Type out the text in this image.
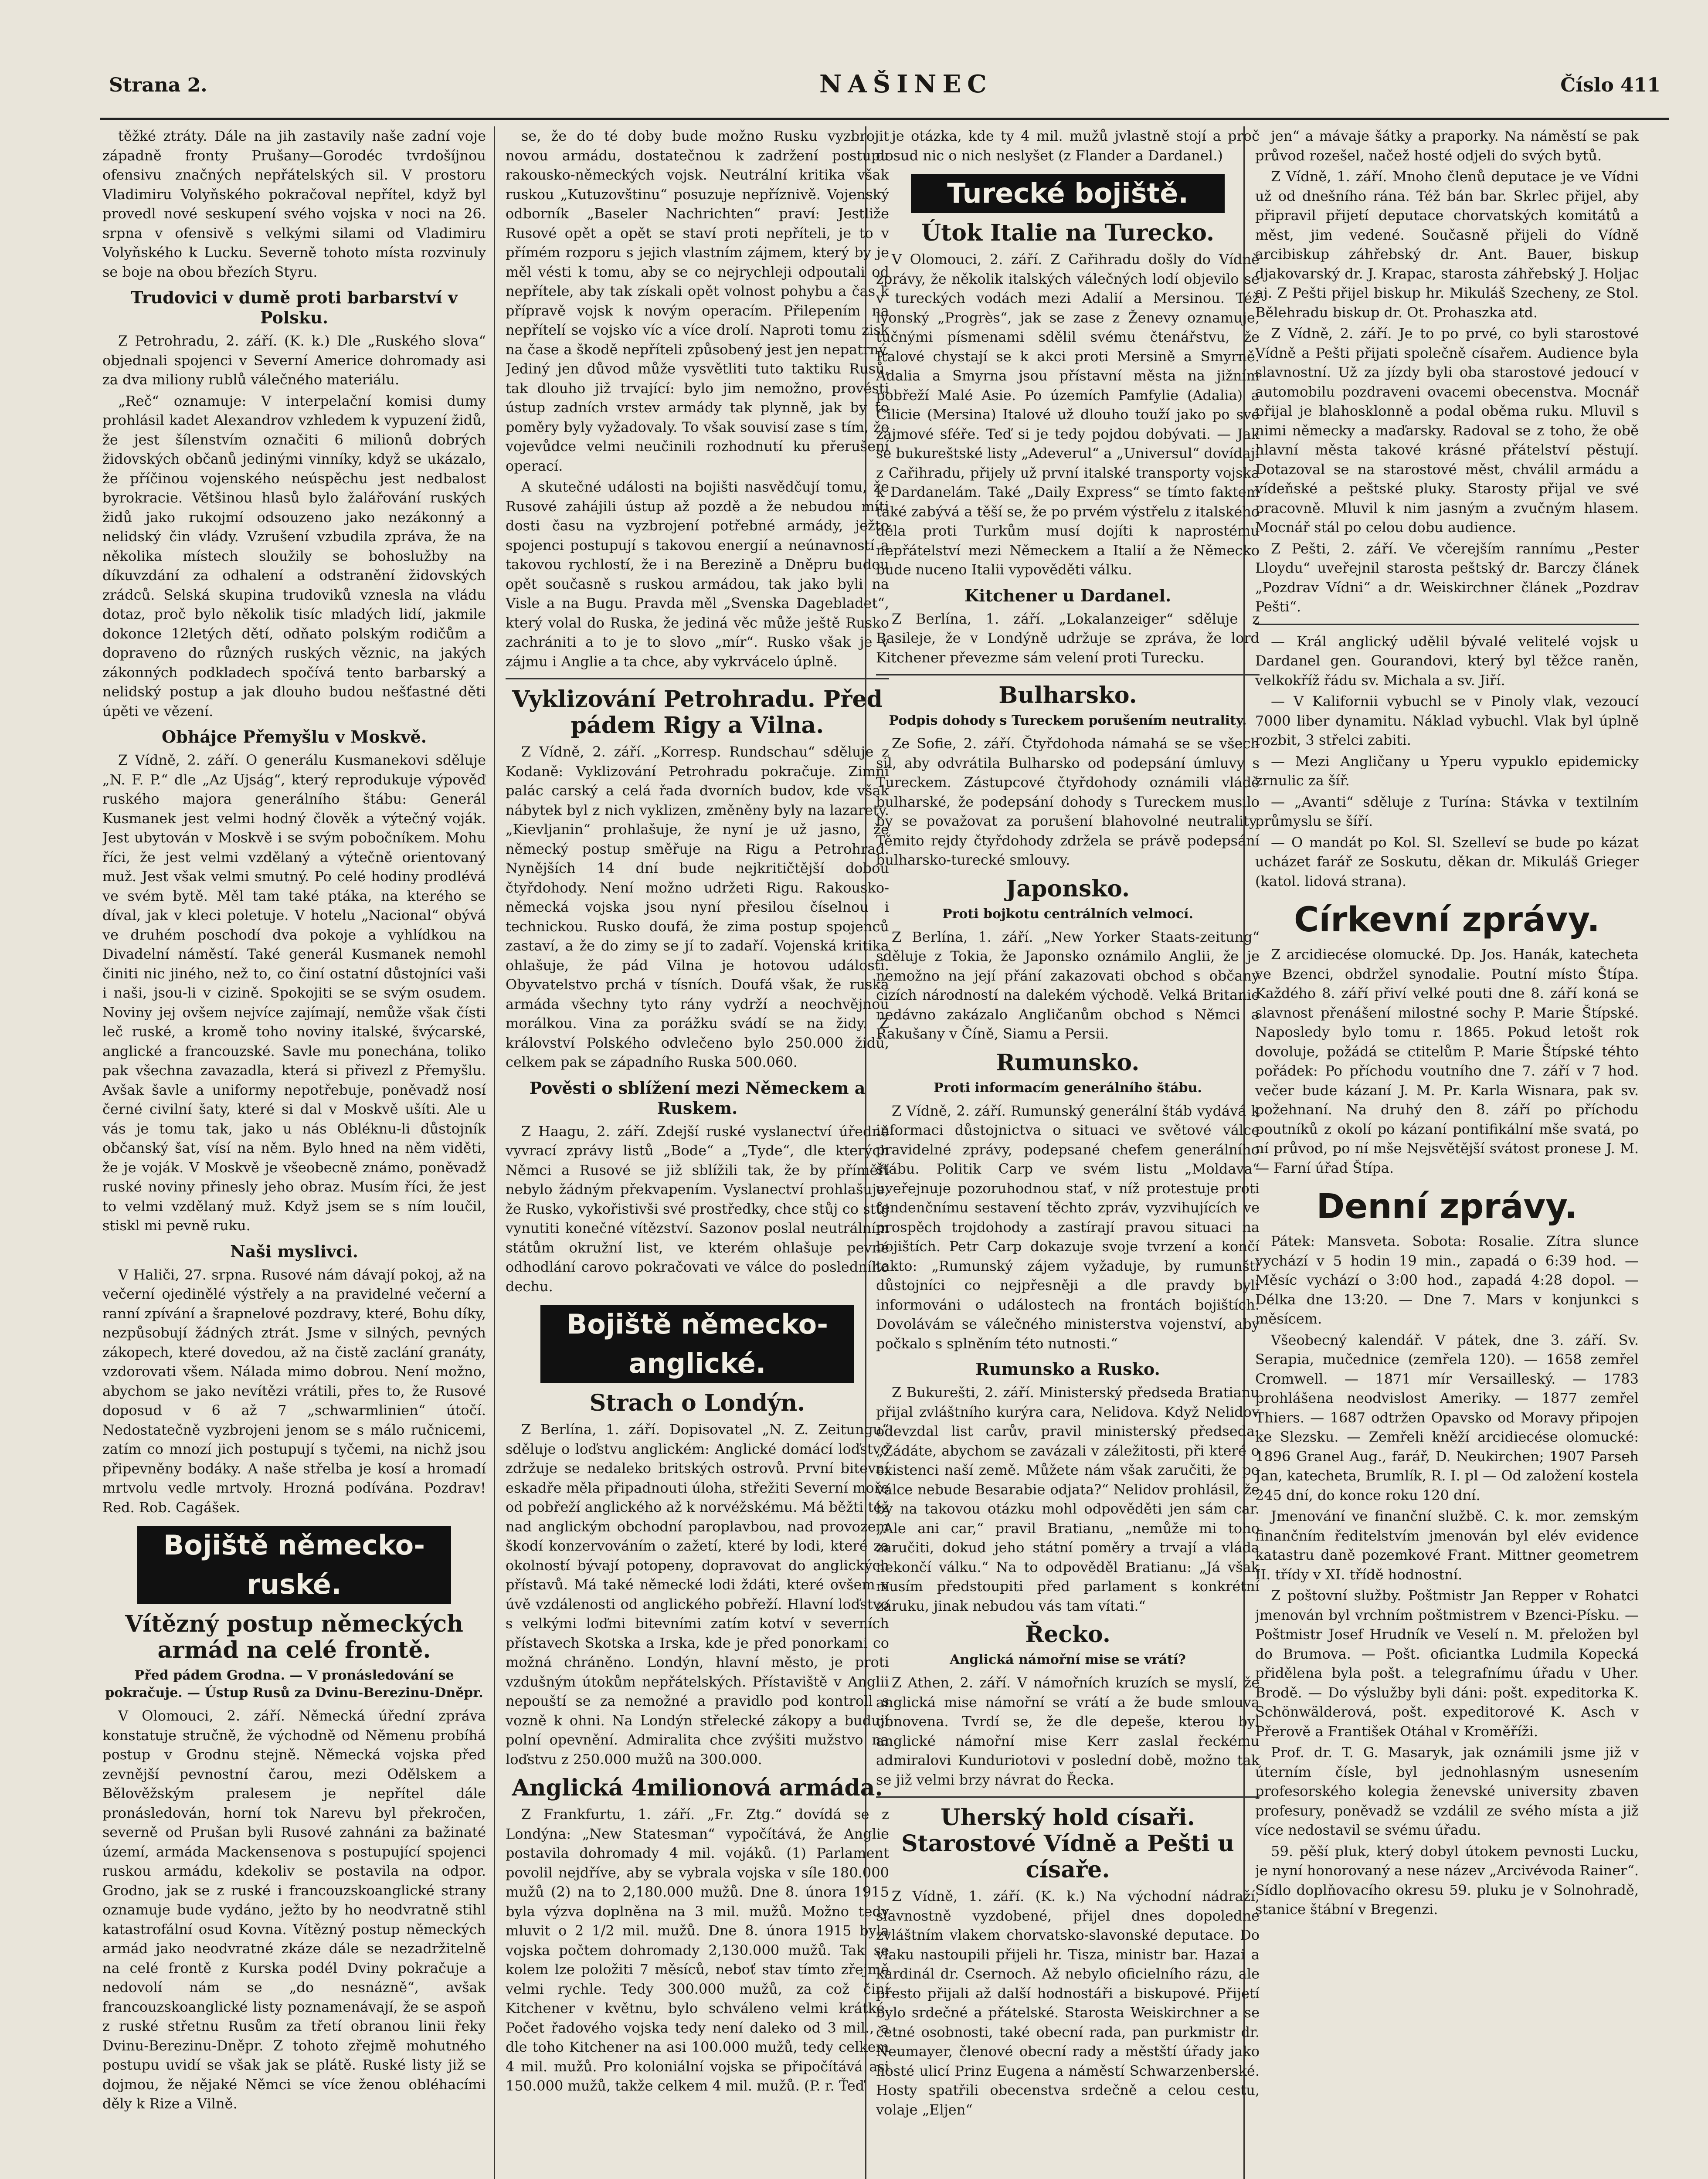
Strana 2.	NAŠINEC	Číslo 411

těžké ztráty. Dále na jih zastavily naše zadní voje západně fronty Prušany—Gorodéc tvrdošíjnou ofensivu značných nepřátelských sil. V prostoru Vladimiru Volyňského pokračoval nepřítel, když byl provedl nové seskupení svého vojska v noci na 26. srpna v ofensivě s velkými silami od Vladimiru Volyňského k Lucku. Severně tohoto místa rozvinuly se boje na obou březích Styru.

Trudovici v dumě proti barbarství v Polsku.

Z Petrohradu, 2. září. (K. k.) Dle „Ruského slova“ objednali spojenci v Severní Americe dohromady asi za dva miliony rublů válečného materiálu.

„Reč“ oznamuje: V interpelační komisi dumy prohlásil kadet Alexandrov vzhledem k vypuzení židů, že jest šílenstvím označiti 6 milionů dobrých židovských občanů jedinými vinníky, když se ukázalo, že příčinou vojenského neúspěchu jest nedbalost byrokracie. Většinou hlasů bylo žalářování ruských židů jako rukojmí odsouzeno jako nezákonný a nelidský čin vlády. Vzrušení vzbudila zpráva, že na několika místech sloužily se bohoslužby na díkuvzdání za odhalení a odstranění židovských zrádců. Selská skupina trudoviků vznesla na vládu dotaz, proč bylo několik tisíc mladých lidí, jakmile dokonce 12letých dětí, odňato polským rodičům a dopraveno do různých ruských věznic, na jakých zákonných podkladech spočívá tento barbarský a nelidský postup a jak dlouho budou nešťastné děti úpěti ve vězení.

Obhájce Přemyšlu v Moskvě.

Z Vídně, 2. září. O generálu Kusmanekovi sděluje „N. F. P.“ dle „Az Ujság“, který reprodukuje výpověď ruského majora generálního štábu: Generál Kusmanek jest velmi hodný člověk a výtečný voják. Jest ubytován v Moskvě i se svým pobočníkem. Mohu říci, že jest velmi vzdělaný a výtečně orientovaný muž. Jest však velmi smutný. Po celé hodiny prodlévá ve svém bytě. Měl tam také ptáka, na kterého se díval, jak v kleci poletuje. V hotelu „Nacional“ obývá ve druhém poschodí dva pokoje a vyhlídkou na Divadelní náměstí. Také generál Kusmanek nemohl činiti nic jiného, než to, co činí ostatní důstojníci vaši i naši, jsou-li v cizině. Spokojiti se se svým osudem. Noviny jej ovšem nejvíce zajímají, nemůže však čísti leč ruské, a kromě toho noviny italské, švýcarské, anglické a francouzské. Savle mu ponechána, toliko pak všechna zavazadla, která si přivezl z Přemyšlu. Avšak šavle a uniformy nepotřebuje, poněvadž nosí černé civilní šaty, které si dal v Moskvě ušíti. Ale u vás je tomu tak, jako u nás Obléknu-li důstojník občanský šat, vísí na něm. Bylo hned na něm viděti, že je voják. V Moskvě je všeobecně známo, poněvadž ruské noviny přinesly jeho obraz. Musím říci, že jest to velmi vzdělaný muž. Když jsem se s ním loučil, stiskl mi pevně ruku.

Naši myslivci.

V Haliči, 27. srpna. Rusové nám dávají pokoj, až na večerní ojedinělé výstřely a na pravidelné večerní a ranní zpívání a šrapnelové pozdravy, které, Bohu díky, nezpůsobují žádných ztrát. Jsme v silných, pevných zákopech, které dovedou, až na čistě zaclání granáty, vzdorovati všem. Nálada mimo dobrou. Není možno, abychom se jako nevítězi vrátili, přes to, že Rusové doposud v 6 až 7 „schwarmlinien“ útočí. Nedostatečně vyzbrojeni jenom se s málo ručnicemi, zatím co mnozí jich postupují s tyčemi, na nichž jsou připevněny bodáky. A naše střelba je kosí a hromadí mrtvolu vedle mrtvoly. Hrozná podívána. Pozdrav! Red. Rob. Cagášek.

Bojiště německo-ruské.
Vítězný postup německých armád na celé frontě.
Před pádem Grodna. — V pronásledování se pokračuje. — Ústup Rusů za Dvinu-Berezinu-Dněpr.

V Olomouci, 2. září. Německá úřední zpráva konstatuje stručně, že východně od Němenu probíhá postup v Grodnu stejně. Německá vojska před zevnější pevnostní čarou, mezi Odělskem a Bělověžským pralesem je nepřítel dále pronásledován, horní tok Narevu byl překročen, severně od Prušan byli Rusové zahnáni za bažinaté území, armáda Mackensenova s postupující spojenci ruskou armádu, kdekoliv se postavila na odpor. Grodno, jak se z ruské i francouzskoanglické strany oznamuje bude vydáno, ježto by ho neodvratně stihl katastrofální osud Kovna. Vítězný postup německých armád jako neodvratné zkáze dále se nezadržitelně na celé frontě z Kurska podél Dviny pokračuje a nedovolí nám se „do nesnázně“, avšak francouzskoanglické listy poznamenávají, že se aspoň z ruské střetnu Rusům za třetí obranou linii řeky Dvinu-Berezinu-Dněpr. Z tohoto zřejmě mohutného postupu uvidí se však jak se plátě. Ruské listy již se dojmou, že nějaké Němci se více ženou obléhacími děly k Rize a Vilně.

se, že do té doby bude možno Rusku vyzbrojit novou armádu, dostatečnou k zadržení postupu rakousko-německých vojsk. Neutrální kritika však ruskou „Kutuzovštinu“ posuzuje nepříznivě. Vojenský odborník „Baseler Nachrichten“ praví: Jestliže Rusové opět a opět se staví proti nepříteli, je to v přímém rozporu s jejich vlastním zájmem, který by je měl vésti k tomu, aby se co nejrychleji odpoutali od nepřítele, aby tak získali opět volnost pohybu a čas k přípravě vojsk k novým operacím. Přilepením na nepřítelí se vojsko víc a více drolí. Naproti tomu zisk na čase a škodě nepříteli způsobený jest jen nepatrný. Jediný jen důvod může vysvětliti tuto taktiku Rusů, tak dlouho již trvající: bylo jim nemožno, provésti ústup zadních vrstev armády tak plynně, jak by to poměry byly vyžadovaly. To však souvisí zase s tím, že vojevůdce velmi neučinili rozhodnutí ku přerušení operací.

A skutečné události na bojišti nasvědčují tomu, že Rusové zahájili ústup až pozdě a že nebudou míti dosti času na vyzbrojení potřebné armády, ježto spojenci postupují s takovou energií a neúnavností a takovou rychlostí, že i na Berezině a Dněpru budou opět současně s ruskou armádou, tak jako byli na Visle a na Bugu. Pravda měl „Svenska Dagebladet“, který volal do Ruska, že jediná věc může ještě Rusko zachrániti a to je to slovo „mír“. Rusko však je v zájmu i Anglie a ta chce, aby vykrvácelo úplně.

Vyklizování Petrohradu. Před pádem Rigy a Vilna.

Z Vídně, 2. září. „Korresp. Rundschau“ sděluje z Kodaně: Vyklizování Petrohradu pokračuje. Zimní palác carský a celá řada dvorních budov, kde však nábytek byl z nich vyklizen, změněny byly na lazarety. „Kievljanin“ prohlašuje, že nyní je už jasno, že německý postup směřuje na Rigu a Petrohrad. Nynějších 14 dní bude nejkritičtější dobou čtyřdohody. Není možno udržeti Rigu. Rakousko-německá vojska jsou nyní přesilou číselnou i technickou. Rusko doufá, že zima postup spojenců zastaví, a že do zimy se jí to zadaří. Vojenská kritika ohlašuje, že pád Vilna je hotovou událostí. Obyvatelstvo prchá v tísních. Doufá však, že ruská armáda všechny tyto rány vydrží a neochvějnou morálkou. Vina za porážku svádí se na židy. Z království Polského odvlečeno bylo 250.000 židů, celkem pak se západního Ruska 500.060.

Pověsti o sblížení mezi Německem a Ruskem.

Z Haagu, 2. září. Zdejší ruské vyslanectví úředně vyvrací zprávy listů „Bode“ a „Tyde“, dle kterých Němci a Rusové se již sblížili tak, že by příměří nebylo žádným překvapením. Vyslanectví prohlašuje, že Rusko, vykořistivši své prostředky, chce stůj co stůj vynutiti konečné vítězství. Sazonov poslal neutrálním státům okružní list, ve kterém ohlašuje pevné odhodlání carovo pokračovati ve válce do posledního dechu.

Bojiště německo-anglické.
Strach o Londýn.

Z Berlína, 1. září. Dopisovatel „N. Z. Zeitungu“ sděluje o loďstvu anglickém: Anglické domácí loďstvo zdržuje se nedaleko britských ostrovů. První bitevní eskadře měla připadnouti úloha, střežiti Severní moře od pobřeží anglického až k norvéžskému. Má běžti též nad anglickým obchodní paroplavbou, nad provozem škodí konzervováním o zažetí, které by lodi, které za okolností bývají potopeny, dopravovat do anglických přístavů. Má také německé lodi ždáti, které ovšem v úvě vzdálenosti od anglického pobřeží. Hlavní loďstvo s velkými loďmi bitevními zatím kotví v severních přístavech Skotska a Irska, kde je před ponorkami co možná chráněno. Londýn, hlavní město, je proti vzdušným útokům nepřátelských. Přístaviště v Anglii nepouští se za nemožné a pravidlo pod kontroll s vozně k ohni. Na Londýn střelecké zákopy a budují polní opevnění. Admiralita chce zvýšiti mužstvo na loďstvu z 250.000 mužů na 300.000.

Anglická 4milionová armáda.

Z Frankfurtu, 1. září. „Fr. Ztg.“ dovídá se z Londýna: „New Statesman“ vypočítává, že Anglie postavila dohromady 4 mil. vojáků. (1) Parlament povolil nejdříve, aby se vybrala vojska v síle 180.000 mužů (2) na to 2,180.000 mužů. Dne 8. února 1915 byla výzva doplněna na 3 mil. mužů. Možno tedy mluvit o 2 1/2 mil. mužů. Dne 8. února 1915 byla vojska počtem dohromady 2,130.000 mužů. Tak se kolem lze položiti 7 měsíců, neboť stav tímto zřejmě velmi rychle. Tedy 300.000 mužů, za což činí Kitchener v květnu, bylo schváleno velmi krátké. Počet řadového vojska tedy není daleko od 3 mil., a dle toho Kitchener na asi 100.000 mužů, tedy celkem 4 mil. mužů. Pro koloniální vojska se připočítává asi 150.000 mužů, takže celkem 4 mil. mužů. (P. r. Ťeď

je otázka, kde ty 4 mil. mužů jvlastně stojí a proč dosud nic o nich neslyšet (z Flander a Dardanel.)

Turecké bojiště.
Útok Italie na Turecko.

V Olomouci, 2. září. Z Cařihradu došly do Vídně zprávy, že několik italských válečných lodí objevilo se v tureckých vodách mezi Adalií a Mersinou. Též lyonský „Progrès“, jak se zase z Ženevy oznamuje, tučnými písmenami sdělil svému čtenářstvu, že Italové chystají se k akci proti Mersině a Smyrně. Adalia a Smyrna jsou přístavní města na jižním pobřeží Malé Asie. Po územích Pamfylie (Adalia) a Cilicie (Mersina) Italové už dlouho touží jako po své zájmové sféře. Teď si je tedy pojdou dobývati. — Jak se bukureštské listy „Adeverul“ a „Universul“ dovídají z Cařihradu, přijely už první italské transporty vojska k Dardanelám. Také „Daily Express“ se tímto faktem také zabývá a těší se, že po prvém výstřelu z italského děla proti Turkům musí dojíti k naprostému nepřátelství mezi Německem a Italií a že Německo bude nuceno Italii vypověděti válku.

Kitchener u Dardanel.

Z Berlína, 1. září. „Lokalanzeiger“ sděluje z Basileje, že v Londýně udržuje se zpráva, že lord Kitchener převezme sám velení proti Turecku.

Bulharsko.
Podpis dohody s Tureckem porušením neutrality.

Ze Sofie, 2. září. Čtyřdohoda námahá se se všech sil, aby odvrátila Bulharsko od podepsání úmluvy s Tureckem. Zástupcové čtyřdohody oznámili vládě bulharské, že podepsání dohody s Tureckem musilo by se považovat za porušení blahovolné neutrality. Těmito rejdy čtyřdohody zdržela se právě podepsání bulharsko-turecké smlouvy.

Japonsko.
Proti bojkotu centrálních velmocí.

Z Berlína, 1. září. „New Yorker Staats-zeitung“ sděluje z Tokia, že Japonsko oznámilo Anglii, že je nemožno na její přání zakazovati obchod s občany cizích národností na dalekém východě. Velká Britanie nedávno zakázalo Angličanům obchod s Němci a Rakušany v Číně, Siamu a Persii.

Rumunsko.
Proti informacím generálního štábu.

Z Vídně, 2. září. Rumunský generální štáb vydává k informaci důstojnictva o situaci ve světové válce pravidelné zprávy, podepsané chefem generálního štábu. Politik Carp ve svém listu „Moldava“ uveřejnuje pozoruhodnou stať, v níž protestuje proti tendenčnímu sestavení těchto zpráv, vyzvihujících ve prospěch trojdohody a zastírají pravou situaci na bojištích. Petr Carp dokazuje svoje tvrzení a končí takto: „Rumunský zájem vyžaduje, by rumunští důstojníci co nejpřesněji a dle pravdy byli informováni o událostech na frontách bojištích. Dovolávám se válečného ministerstva vojenství, aby počkalo s splněním této nutnosti.“

Rumunsko a Rusko.

Z Bukurešti, 2. září. Ministerský předseda Bratianu přijal zvláštního kurýra cara, Nelidova. Když Nelidov odevzdal list carův, pravil ministerský předseda: „Žádáte, abychom se zavázali v záležitosti, při které o existenci naší země. Můžete nám však zaručiti, že po válce nebude Besarabie odjata?“ Nelidov prohlásil, že by na takovou otázku mohl odpověděti jen sám car. „Ale ani car,“ pravil Bratianu, „nemůže mi toho zaručiti, dokud jeho státní poměry a trvají a vláda nekončí válku.“ Na to odpověděl Bratianu: „Já však musím předstoupiti před parlament s konkrétní záruku, jinak nebudou vás tam vítati.“

Řecko.
Anglická námořní mise se vrátí?

Z Athen, 2. září. V námořních kruzích se myslí, že anglická mise námořní se vrátí a že bude smlouva obnovena. Tvrdí se, že dle depeše, kterou byl anglické námořní mise Kerr zaslal řeckému admiralovi Kunduriotovi v poslední době, možno tak se již velmi brzy návrat do Řecka.

Uherský hold císaři. Starostové Vídně a Pešti u císaře.

Z Vídně, 1. září. (K. k.) Na východní nádraží, slavnostně vyzdobené, přijel dnes dopoledne zvláštním vlakem chorvatsko-slavonské deputace. Do vlaku nastoupili přijeli hr. Tisza, ministr bar. Hazai a kardinál dr. Csernoch. Až nebylo oficielního rázu, ale přesto přijali až další hodnostáři a biskupové. Přijetí bylo srdečné a přátelské. Starosta Weiskirchner a se četné osobnosti, také obecní rada, pan purkmistr dr. Neumayer, členové obecní rady a městští úřady jako hosté ulicí Prinz Eugena a náměstí Schwarzenberské. Hosty spatřili obecenstva srdečně a celou cestu, volaje „Eljen“

jen“ a mávaje šátky a praporky. Na náměstí se pak průvod rozešel, načež hosté odjeli do svých bytů.

Z Vídně, 1. září. Mnoho členů deputace je ve Vídni už od dnešního rána. Též bán bar. Skrlec přijel, aby připravil přijetí deputace chorvatských komitátů a měst, jim vedené. Současně přijeli do Vídně arcibiskup záhřebský dr. Ant. Bauer, biskup djakovarský dr. J. Krapac, starosta záhřebský J. Holjac aj. Z Pešti přijel biskup hr. Mikuláš Szecheny, ze Stol. Bělehradu biskup dr. Ot. Prohaszka atd.

Z Vídně, 2. září. Je to po prvé, co byli starostové Vídně a Pešti přijati společně císařem. Audience byla slavnostní. Už za jízdy byli oba starostové jedoucí v automobilu pozdraveni ovacemi obecenstva. Mocnář přijal je blahosklonně a podal oběma ruku. Mluvil s nimi německy a maďarsky. Radoval se z toho, že obě hlavní města takové krásné přátelství pěstují. Dotazoval se na starostové měst, chválil armádu a vídeňské a peštské pluky. Starosty přijal ve své pracovně. Mluvil k nim jasným a zvučným hlasem. Mocnář stál po celou dobu audience.

Z Pešti, 2. září. Ve včerejším rannímu „Pester Lloydu“ uveřejnil starosta peštský dr. Barczy článek „Pozdrav Vídni“ a dr. Weiskirchner článek „Pozdrav Pešti“.

— Král anglický udělil bývalé velitelé vojsk u Dardanel gen. Gourandovi, který byl těžce raněn, velkokříž řádu sv. Michala a sv. Jiří.

— V Kalifornii vybuchl se v Pinoly vlak, vezoucí 7000 liber dynamitu. Náklad vybuchl. Vlak byl úplně rozbit, 3 střelci zabiti.

— Mezi Angličany u Yperu vypuklo epidemicky zrnulic za šíř.

— „Avanti“ sděluje z Turína: Stávka v textilním průmyslu se šíří.

— O mandát po Kol. Sl. Szelleví se bude po kázat ucházet farář ze Soskutu, děkan dr. Mikuláš Grieger (katol. lidová strana).

Církevní zprávy.

Z arcidiecése olomucké. Dp. Jos. Hanák, katecheta ve Bzenci, obdržel synodalie. Poutní místo Štípa. Každého 8. září přiví velké pouti dne 8. září koná se slavnost přenášení milostné sochy P. Marie Štípské. Naposledy bylo tomu r. 1865. Pokud letošt rok dovoluje, požádá se ctitelům P. Marie Štípské téhto pořádek: Po příchodu voutního dne 7. září v 7 hod. večer bude kázaní J. M. Pr. Karla Wisnara, pak sv. požehnaní. Na druhý den 8. září po příchodu poutníků z okolí po kázaní pontifikální mše svatá, po ní průvod, po ní mše Nejsvětější svátost pronese J. M. — Farní úřad Štípa.

Denní zprávy.

Pátek: Mansveta. Sobota: Rosalie. Zítra slunce vychází v 5 hodin 19 min., zapadá o 6:39 hod. — Měsíc vychází o 3:00 hod., zapadá 4:28 dopol. — Délka dne 13:20. — Dne 7. Mars v konjunkci s měsícem.

Všeobecný kalendář. V pátek, dne 3. září. Sv. Serapia, mučednice (zemřela 120). — 1658 zemřel Cromwell. — 1871 mír Versailleský. — 1783 prohlášena neodvislost Ameriky. — 1877 zemřel Thiers. — 1687 odtržen Opavsko od Moravy připojen ke Slezsku. — Zemřeli kněží arcidiecése olomucké: 1896 Granel Aug., farář, D. Neukirchen; 1907 Parseh Jan, katecheta, Brumlík, R. I. pl — Od založení kostela 245 dní, do konce roku 120 dní.

Jmenování ve finanční službě. C. k. mor. zemským finančním ředitelstvím jmenován byl elév evidence katastru daně pozemkové Frant. Mittner geometrem II. třídy v XI. třídě hodnostní.

Z poštovní služby. Poštmistr Jan Repper v Rohatci jmenován byl vrchním poštmistrem v Bzenci-Písku. — Poštmistr Josef Hrudník ve Veselí n. M. přeložen byl do Brumova. — Pošt. oficiantka Ludmila Kopecká přidělena byla pošt. a telegrafnímu úřadu v Uher. Brodě. — Do výslužby byli dáni: pošt. expeditorka K. Schönwälderová, pošt. expeditorové K. Asch v Přerově a František Otáhal v Kroměříži.

Prof. dr. T. G. Masaryk, jak oznámili jsme již v úterním čísle, byl jednohlasným usnesením profesorského kolegia ženevské university zbaven profesury, poněvadž se vzdálil ze svého místa a již více nedostavil se svému úřadu.

59. pěší pluk, který dobyl útokem pevnosti Lucku, je nyní honorovaný a nese název „Arcivévoda Rainer“. Sídlo doplňovacího okresu 59. pluku je v Solnohradě, stanice štábní v Bregenzi.
